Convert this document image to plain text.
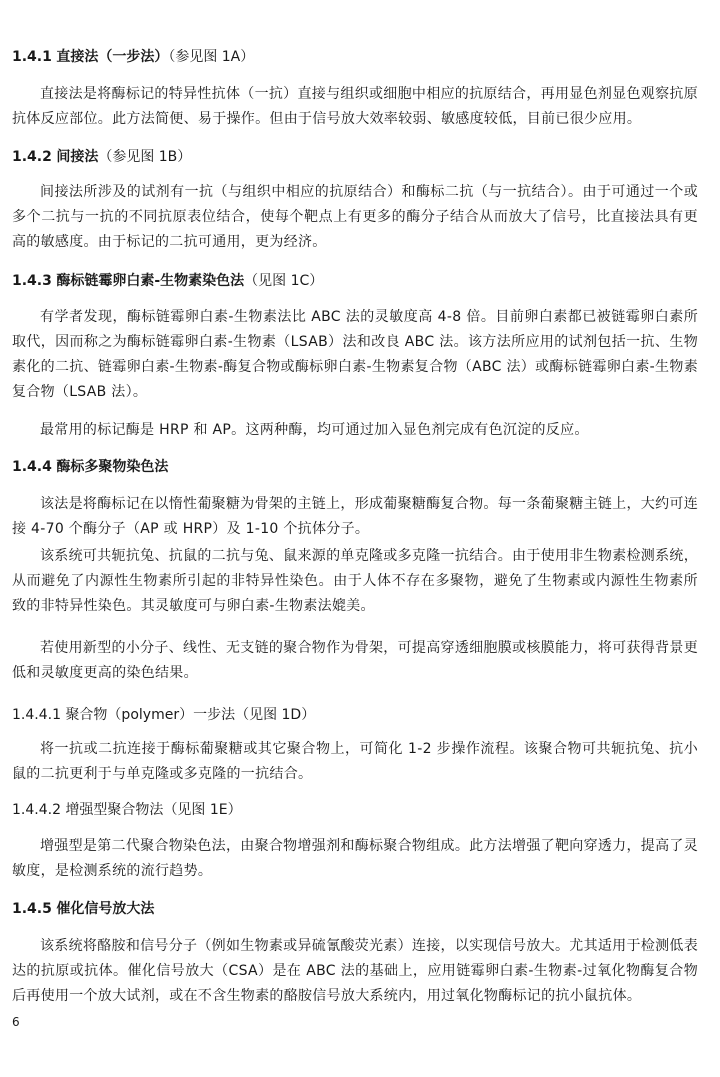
1.4.1 直接法（一步法）（参见图 1A）

直接法是将酶标记的特异性抗体（一抗）直接与组织或细胞中相应的抗原结合，再用显色剂显色观察抗原抗体反应部位。此方法简便、易于操作。但由于信号放大效率较弱、敏感度较低，目前已很少应用。

1.4.2 间接法（参见图 1B）

间接法所涉及的试剂有一抗（与组织中相应的抗原结合）和酶标二抗（与一抗结合）。由于可通过一个或多个二抗与一抗的不同抗原表位结合，使每个靶点上有更多的酶分子结合从而放大了信号，比直接法具有更高的敏感度。由于标记的二抗可通用，更为经济。

1.4.3 酶标链霉卵白素-生物素染色法（见图 1C）

有学者发现，酶标链霉卵白素-生物素法比 ABC 法的灵敏度高 4-8 倍。目前卵白素都已被链霉卵白素所取代，因而称之为酶标链霉卵白素-生物素（LSAB）法和改良 ABC 法。该方法所应用的试剂包括一抗、生物素化的二抗、链霉卵白素-生物素-酶复合物或酶标卵白素-生物素复合物（ABC 法）或酶标链霉卵白素-生物素复合物（LSAB 法）。

最常用的标记酶是 HRP 和 AP。这两种酶，均可通过加入显色剂完成有色沉淀的反应。

1.4.4 酶标多聚物染色法

该法是将酶标记在以惰性葡聚糖为骨架的主链上，形成葡聚糖酶复合物。每一条葡聚糖主链上，大约可连接 4-70 个酶分子（AP 或 HRP）及 1-10 个抗体分子。

该系统可共轭抗兔、抗鼠的二抗与兔、鼠来源的单克隆或多克隆一抗结合。由于使用非生物素检测系统，从而避免了内源性生物素所引起的非特异性染色。由于人体不存在多聚物，避免了生物素或内源性生物素所致的非特异性染色。其灵敏度可与卵白素-生物素法媲美。

若使用新型的小分子、线性、无支链的聚合物作为骨架，可提高穿透细胞膜或核膜能力，将可获得背景更低和灵敏度更高的染色结果。

1.4.4.1 聚合物（polymer）一步法（见图 1D）

将一抗或二抗连接于酶标葡聚糖或其它聚合物上，可简化 1-2 步操作流程。该聚合物可共轭抗兔、抗小鼠的二抗更利于与单克隆或多克隆的一抗结合。

1.4.4.2 增强型聚合物法（见图 1E）

增强型是第二代聚合物染色法，由聚合物增强剂和酶标聚合物组成。此方法增强了靶向穿透力，提高了灵敏度，是检测系统的流行趋势。

1.4.5 催化信号放大法

该系统将酪胺和信号分子（例如生物素或异硫氰酸荧光素）连接，以实现信号放大。尤其适用于检测低表达的抗原或抗体。催化信号放大（CSA）是在 ABC 法的基础上，应用链霉卵白素-生物素-过氧化物酶复合物后再使用一个放大试剂，或在不含生物素的酪胺信号放大系统内，用过氧化物酶标记的抗小鼠抗体。

6
